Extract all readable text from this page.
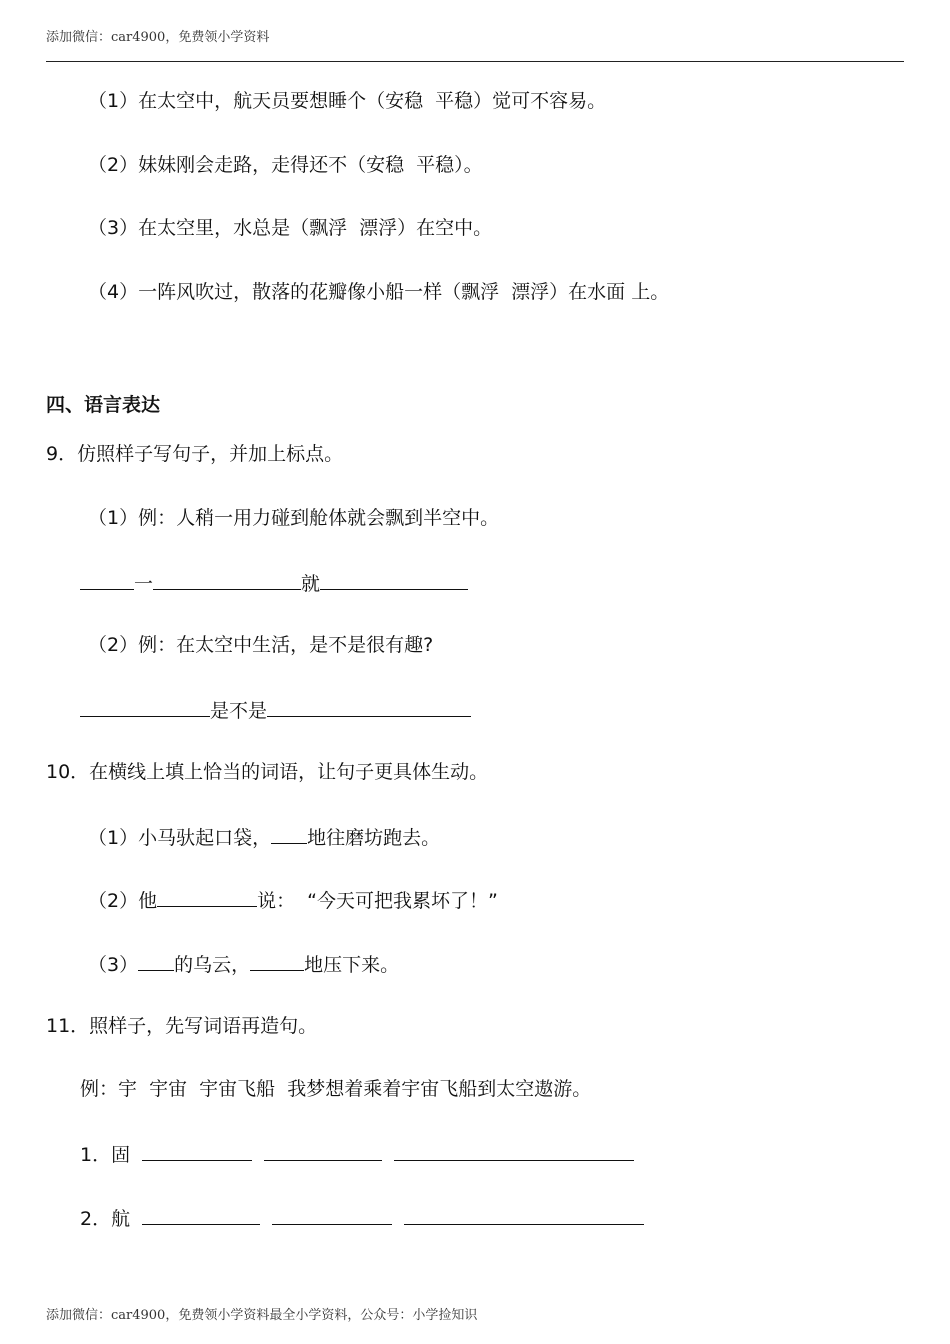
添加微信：car4900，免费领小学资料
（1）在太空中，航天员要想睡个（安稳  平稳）觉可不容易。
（2）妹妹刚会走路，走得还不（安稳  平稳）。
（3）在太空里，水总是（飘浮  漂浮）在空中。
（4）一阵风吹过，散落的花瓣像小船一样（飘浮  漂浮）在水面 上。
四、语言表达
9．仿照样子写句子，并加上标点。
（1）例：人稍一用力碰到舱体就会飘到半空中。
一	就
（2）例：在太空中生活，是不是很有趣?
是不是
10．在横线上填上恰当的词语，让句子更具体生动。
（1）小马驮起口袋， 地往磨坊跑去。
（2）他	说：  “今天可把我累坏了！”
（3） 的乌云，	地压下来。
11．照样子，先写词语再造句。
例：宇  宇宙  宇宙飞船  我梦想着乘着宇宙飞船到太空遨游。
1．固
2．航
添加微信：car4900，免费领小学资料最全小学资料，公众号：小学捡知识
